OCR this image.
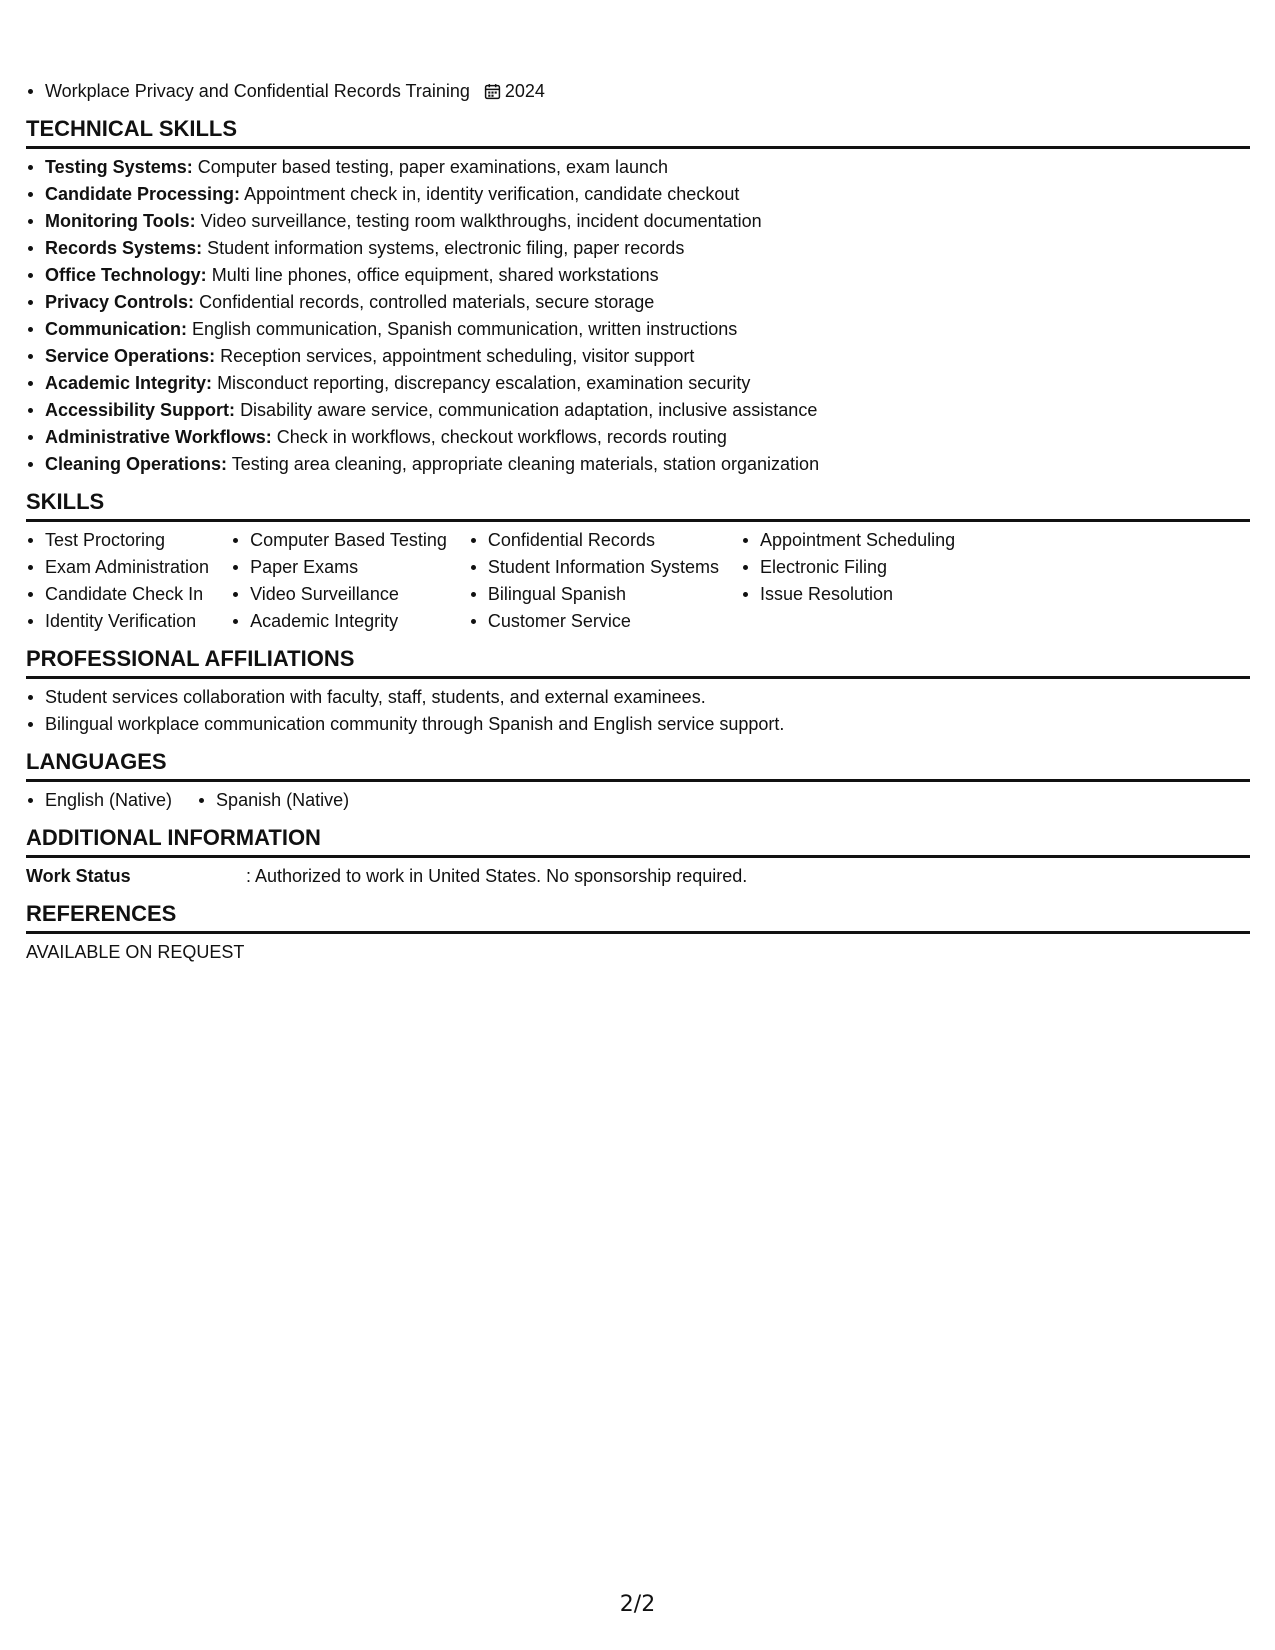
Workplace Privacy and Confidential Records Training 2024
TECHNICAL SKILLS
Testing Systems: Computer based testing, paper examinations, exam launch
Candidate Processing: Appointment check in, identity verification, candidate checkout
Monitoring Tools: Video surveillance, testing room walkthroughs, incident documentation
Records Systems: Student information systems, electronic filing, paper records
Office Technology: Multi line phones, office equipment, shared workstations
Privacy Controls: Confidential records, controlled materials, secure storage
Communication: English communication, Spanish communication, written instructions
Service Operations: Reception services, appointment scheduling, visitor support
Academic Integrity: Misconduct reporting, discrepancy escalation, examination security
Accessibility Support: Disability aware service, communication adaptation, inclusive assistance
Administrative Workflows: Check in workflows, checkout workflows, records routing
Cleaning Operations: Testing area cleaning, appropriate cleaning materials, station organization
SKILLS
Test Proctoring
Exam Administration
Candidate Check In
Identity Verification
Computer Based Testing
Paper Exams
Video Surveillance
Academic Integrity
Confidential Records
Student Information Systems
Bilingual Spanish
Customer Service
Appointment Scheduling
Electronic Filing
Issue Resolution
PROFESSIONAL AFFILIATIONS
Student services collaboration with faculty, staff, students, and external examinees.
Bilingual workplace communication community through Spanish and English service support.
LANGUAGES
English (Native)	Spanish (Native)
ADDITIONAL INFORMATION
Work Status	: Authorized to work in United States. No sponsorship required.
REFERENCES
AVAILABLE ON REQUEST
2/2
